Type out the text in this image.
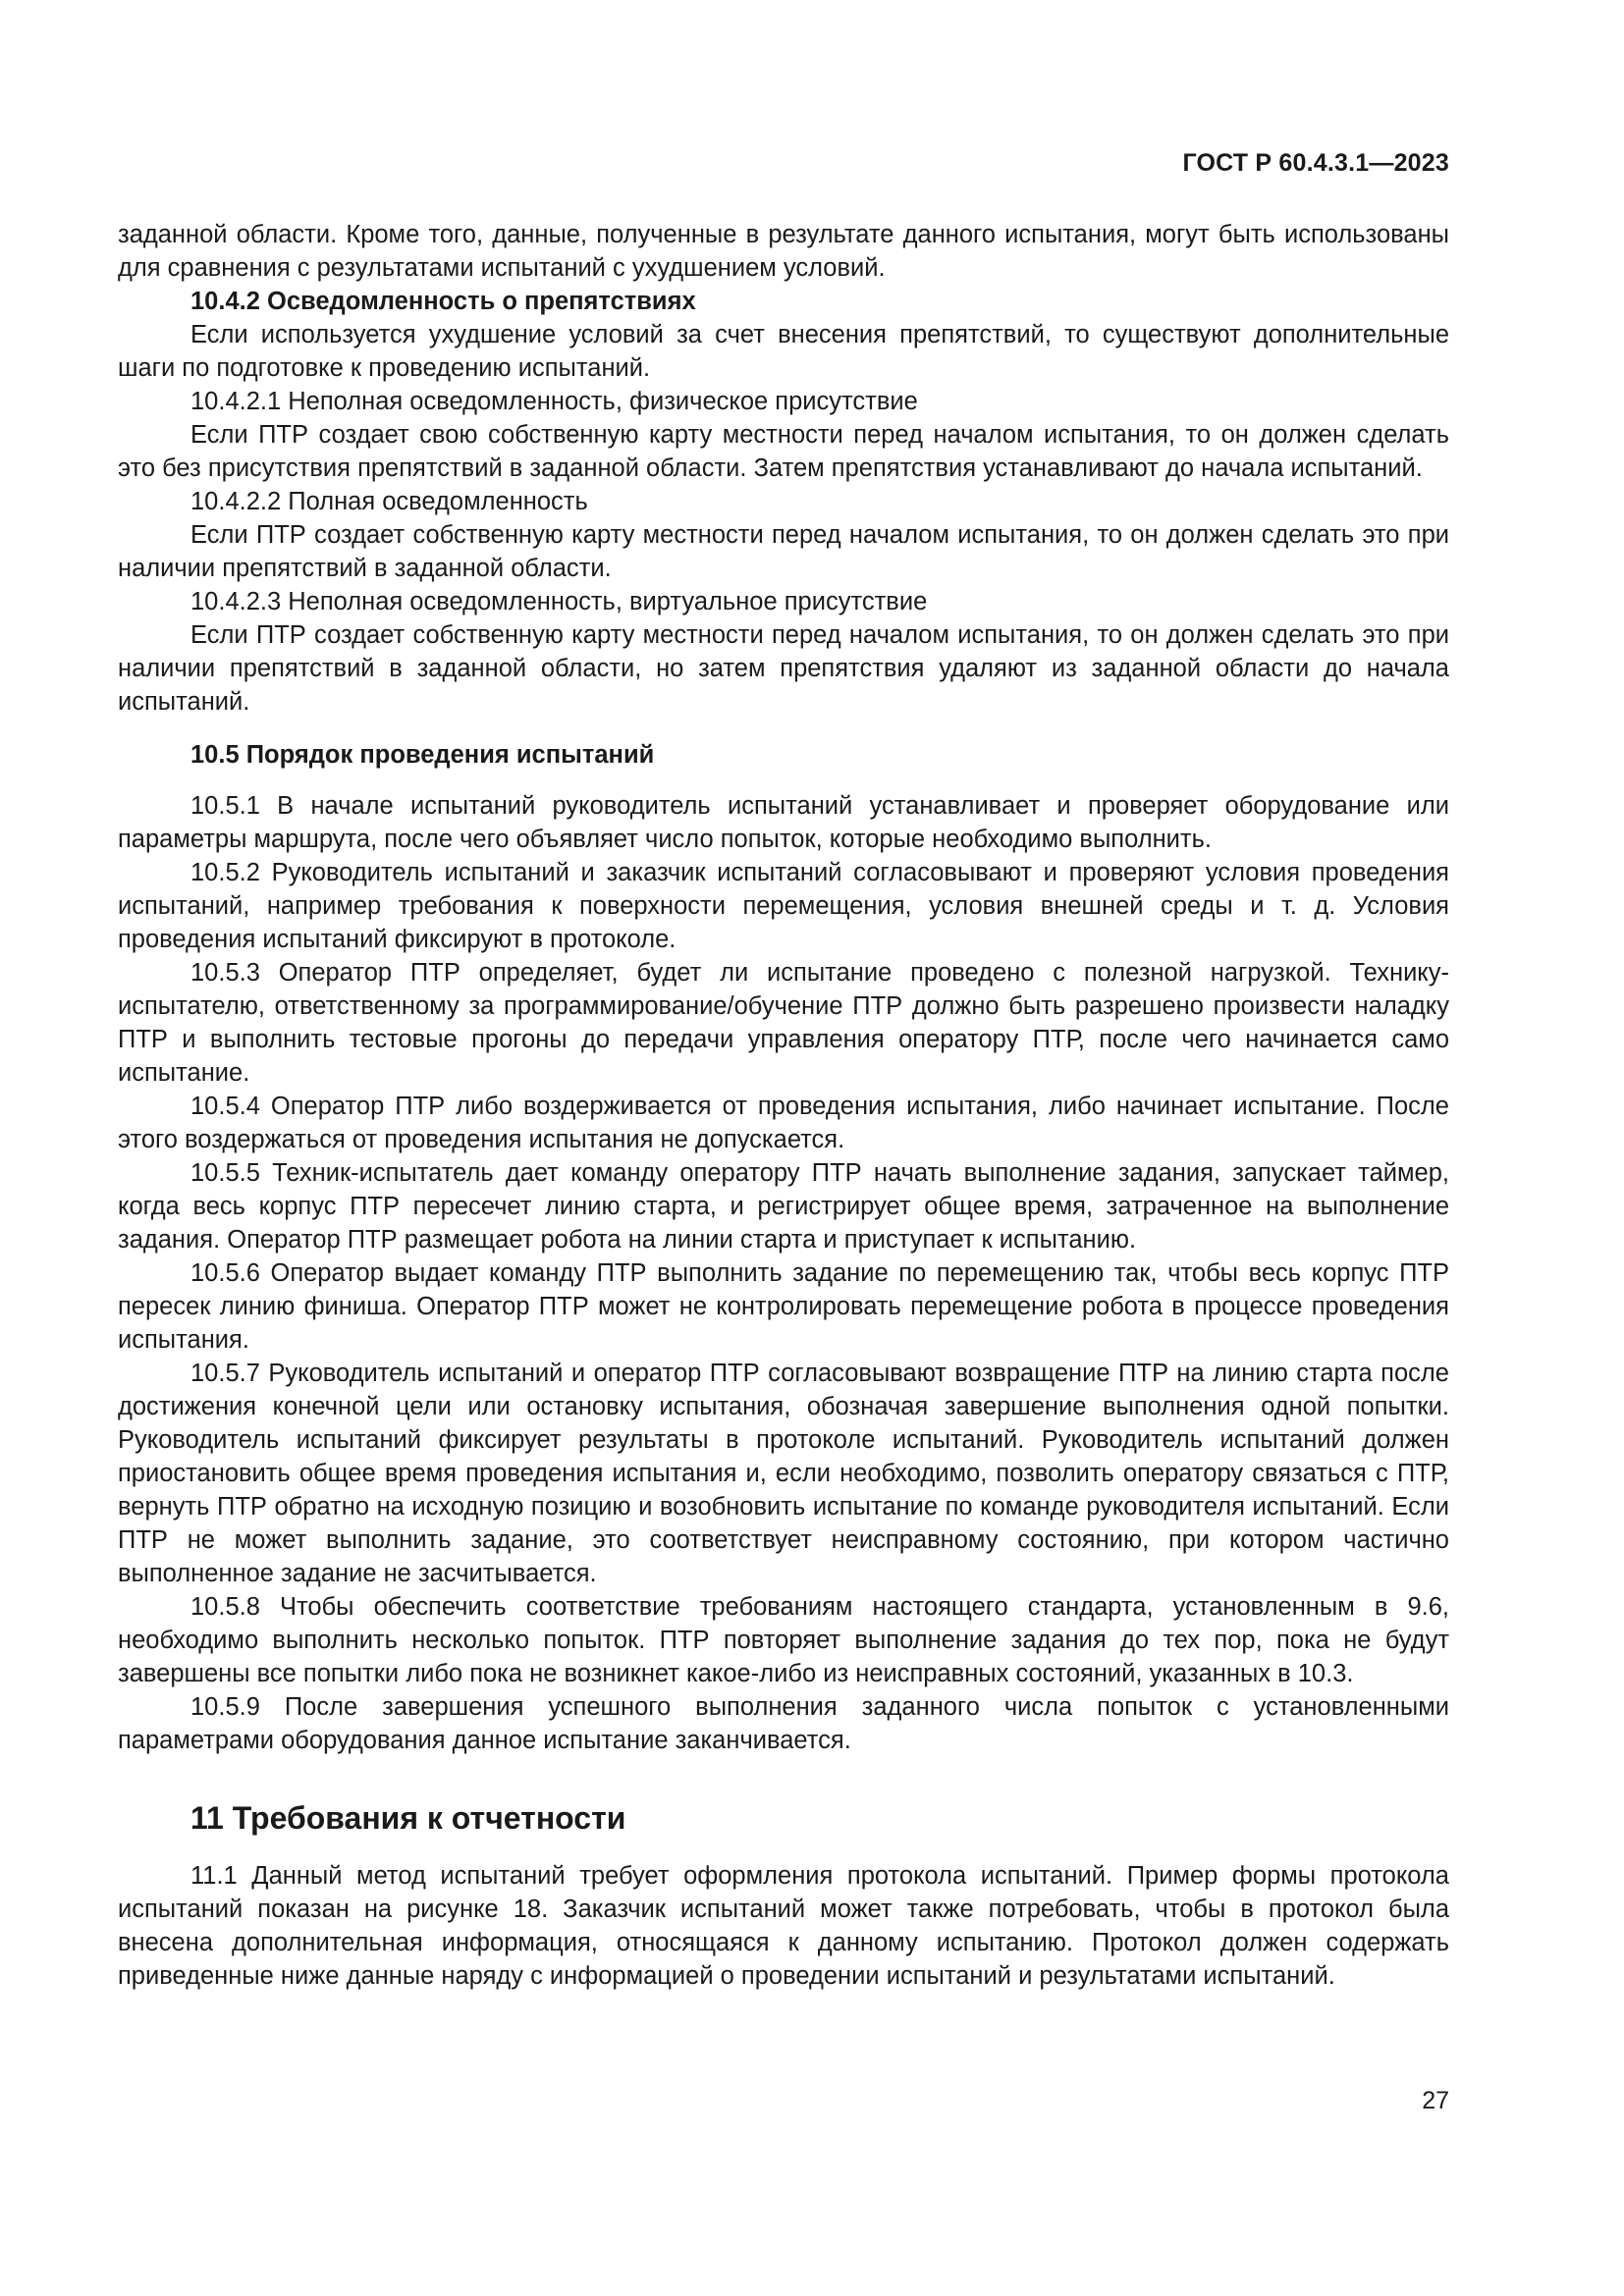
ГОСТ Р 60.4.3.1—2023

заданной области. Кроме того, данные, полученные в результате данного испытания, могут быть использованы для сравнения с результатами испытаний с ухудшением условий.

10.4.2 Осведомленность о препятствиях

Если используется ухудшение условий за счет внесения препятствий, то существуют дополнительные шаги по подготовке к проведению испытаний.

10.4.2.1 Неполная осведомленность, физическое присутствие

Если ПТР создает свою собственную карту местности перед началом испытания, то он должен сделать это без присутствия препятствий в заданной области. Затем препятствия устанавливают до начала испытаний.

10.4.2.2 Полная осведомленность

Если ПТР создает собственную карту местности перед началом испытания, то он должен сделать это при наличии препятствий в заданной области.

10.4.2.3 Неполная осведомленность, виртуальное присутствие

Если ПТР создает собственную карту местности перед началом испытания, то он должен сделать это при наличии препятствий в заданной области, но затем препятствия удаляют из заданной области до начала испытаний.

10.5 Порядок проведения испытаний

10.5.1 В начале испытаний руководитель испытаний устанавливает и проверяет оборудование или параметры маршрута, после чего объявляет число попыток, которые необходимо выполнить.

10.5.2 Руководитель испытаний и заказчик испытаний согласовывают и проверяют условия проведения испытаний, например требования к поверхности перемещения, условия внешней среды и т. д. Условия проведения испытаний фиксируют в протоколе.

10.5.3 Оператор ПТР определяет, будет ли испытание проведено с полезной нагрузкой. Технику-испытателю, ответственному за программирование/обучение ПТР должно быть разрешено произвести наладку ПТР и выполнить тестовые прогоны до передачи управления оператору ПТР, после чего начинается само испытание.

10.5.4 Оператор ПТР либо воздерживается от проведения испытания, либо начинает испытание. После этого воздержаться от проведения испытания не допускается.

10.5.5 Техник-испытатель дает команду оператору ПТР начать выполнение задания, запускает таймер, когда весь корпус ПТР пересечет линию старта, и регистрирует общее время, затраченное на выполнение задания. Оператор ПТР размещает робота на линии старта и приступает к испытанию.

10.5.6 Оператор выдает команду ПТР выполнить задание по перемещению так, чтобы весь корпус ПТР пересек линию финиша. Оператор ПТР может не контролировать перемещение робота в процессе проведения испытания.

10.5.7 Руководитель испытаний и оператор ПТР согласовывают возвращение ПТР на линию старта после достижения конечной цели или остановку испытания, обозначая завершение выполнения одной попытки. Руководитель испытаний фиксирует результаты в протоколе испытаний. Руководитель испытаний должен приостановить общее время проведения испытания и, если необходимо, позволить оператору связаться с ПТР, вернуть ПТР обратно на исходную позицию и возобновить испытание по команде руководителя испытаний. Если ПТР не может выполнить задание, это соответствует неисправному состоянию, при котором частично выполненное задание не засчитывается.

10.5.8 Чтобы обеспечить соответствие требованиям настоящего стандарта, установленным в 9.6, необходимо выполнить несколько попыток. ПТР повторяет выполнение задания до тех пор, пока не будут завершены все попытки либо пока не возникнет какое-либо из неисправных состояний, указанных в 10.3.

10.5.9 После завершения успешного выполнения заданного числа попыток с установленными параметрами оборудования данное испытание заканчивается.

11 Требования к отчетности

11.1 Данный метод испытаний требует оформления протокола испытаний. Пример формы протокола испытаний показан на рисунке 18. Заказчик испытаний может также потребовать, чтобы в протокол была внесена дополнительная информация, относящаяся к данному испытанию. Протокол должен содержать приведенные ниже данные наряду с информацией о проведении испытаний и результатами испытаний.

27
